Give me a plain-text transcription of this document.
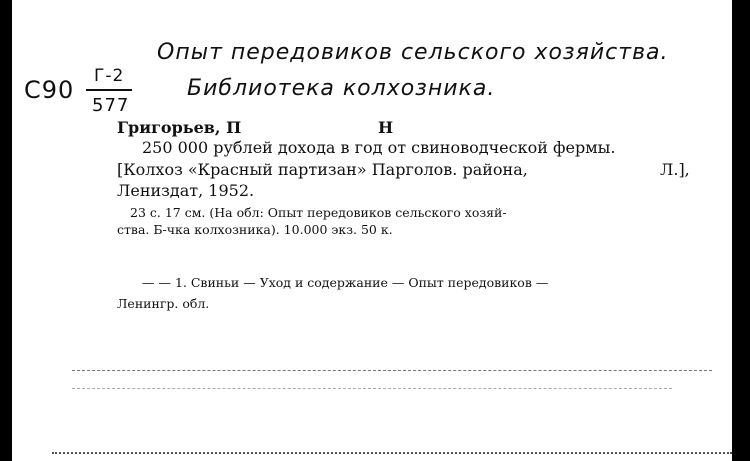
Опыт передовиков сельского хозяйства.
Библиотека колхозника.
С90 Г-2
577
Григорьев, П	Н
250 000 рублей дохода в год от свиноводческой фермы.
[Колхоз «Красный партизан» Парголов. района,	Л.],
Лениздат, 1952.
23 с. 17 см. (На обл: Опыт передовиков сельского хозяй-
ства. Б-чка колхозника). 10.000 экз. 50 к.
— — 1. Свиньи — Уход и содержание — Опыт передовиков —
Ленингр. обл.
